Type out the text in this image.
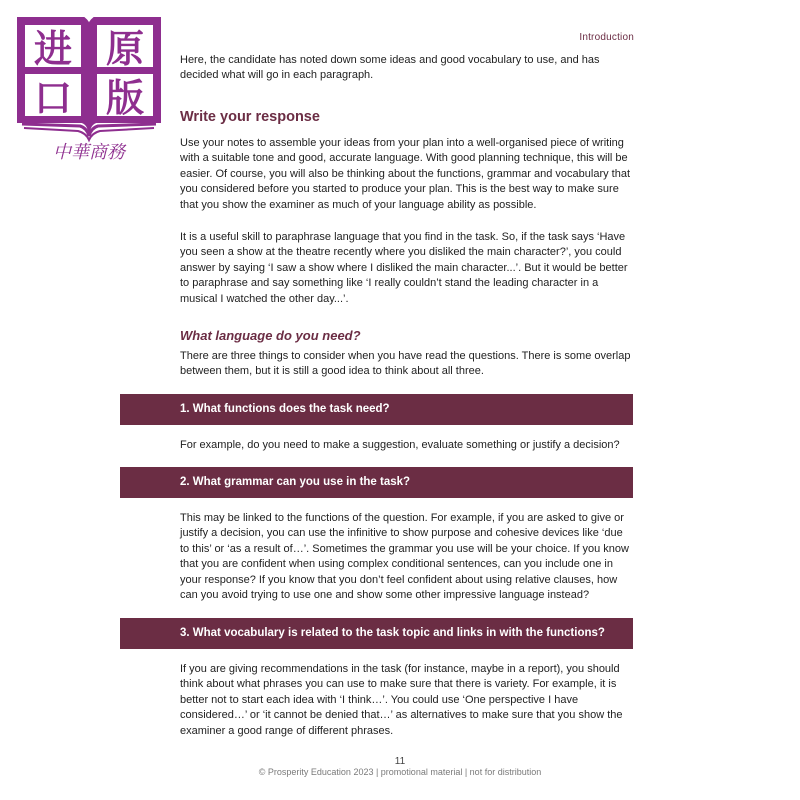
进 原
口 版
中華商務
Introduction

Here, the candidate has noted down some ideas and good vocabulary to use, and has decided what will go in each paragraph.

Write your response

Use your notes to assemble your ideas from your plan into a well-organised piece of writing with a suitable tone and good, accurate language. With good planning technique, this will be easier. Of course, you will also be thinking about the functions, grammar and vocabulary that you considered before you started to produce your plan. This is the best way to make sure that you show the examiner as much of your language ability as possible.

It is a useful skill to paraphrase language that you find in the task. So, if the task says ‘Have you seen a show at the theatre recently where you disliked the main character?’, you could answer by saying ‘I saw a show where I disliked the main character...’. But it would be better to paraphrase and say something like ‘I really couldn’t stand the leading character in a musical I watched the other day...’.

What language do you need?

There are three things to consider when you have read the questions. There is some overlap between them, but it is still a good idea to think about all three.

1. What functions does the task need?

For example, do you need to make a suggestion, evaluate something or justify a decision?

2. What grammar can you use in the task?

This may be linked to the functions of the question. For example, if you are asked to give or justify a decision, you can use the infinitive to show purpose and cohesive devices like ‘due to this’ or ‘as a result of…’. Sometimes the grammar you use will be your choice. If you know that you are confident when using complex conditional sentences, can you include one in your response? If you know that you don’t feel confident about using relative clauses, how can you avoid trying to use one and show some other impressive language instead?

3. What vocabulary is related to the task topic and links in with the functions?

If you are giving recommendations in the task (for instance, maybe in a report), you should think about what phrases you can use to make sure that there is variety. For example, it is better not to start each idea with ‘I think…’. You could use ‘One perspective I have considered…’ or ‘it cannot be denied that…’ as alternatives to make sure that you show the examiner a good range of different phrases.

11
© Prosperity Education 2023 | promotional material | not for distribution
